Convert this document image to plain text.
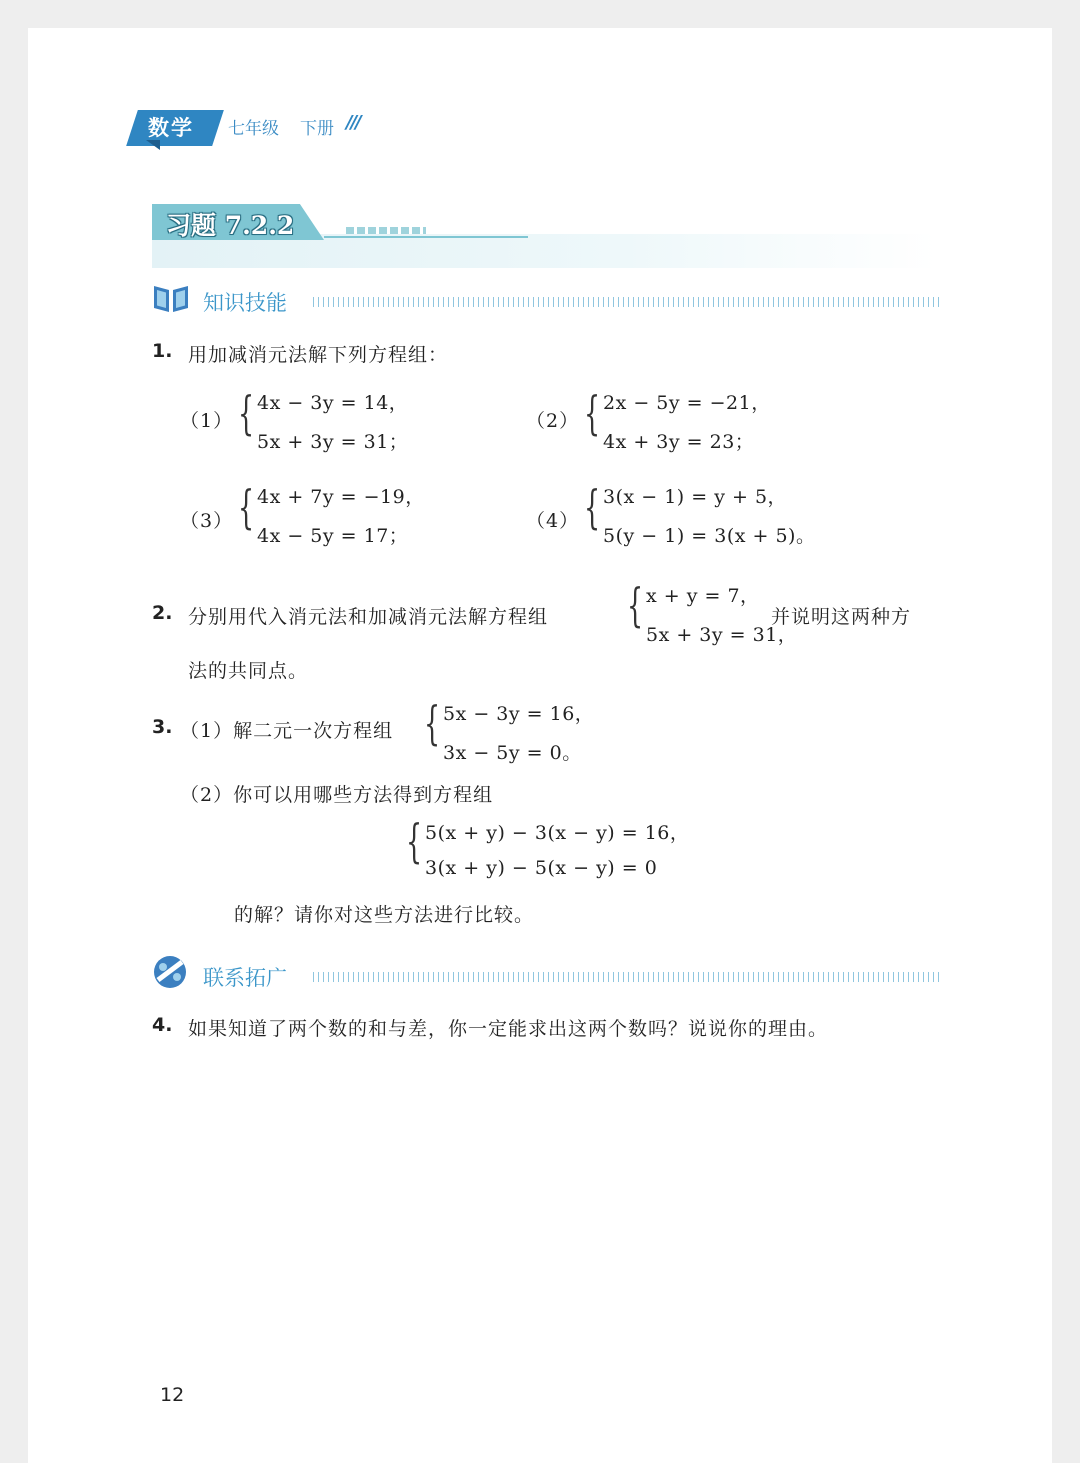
数学 七年级 下册 ///
习题 7.2.2
知识技能
1. 用加减消元法解下列方程组：
（1） { 4x − 3y = 14，
5x + 3y = 31；
（2） { 2x − 5y = −21，
4x + 3y = 23；
（3） { 4x + 7y = −19，
4x − 5y = 17；
（4） { 3(x − 1) = y + 5，
5(y − 1) = 3(x + 5)。
2. 分别用代入消元法和加减消元法解方程组 { x + y = 7，
5x + 3y = 31，
并说明这两种方
法的共同点。
3. （1）解二元一次方程组 { 5x − 3y = 16，
3x − 5y = 0。
（2）你可以用哪些方法得到方程组
{ 5(x + y) − 3(x − y) = 16，
3(x + y) − 5(x − y) = 0
的解？请你对这些方法进行比较。
联系拓广
4. 如果知道了两个数的和与差，你一定能求出这两个数吗？说说你的理由。
12
